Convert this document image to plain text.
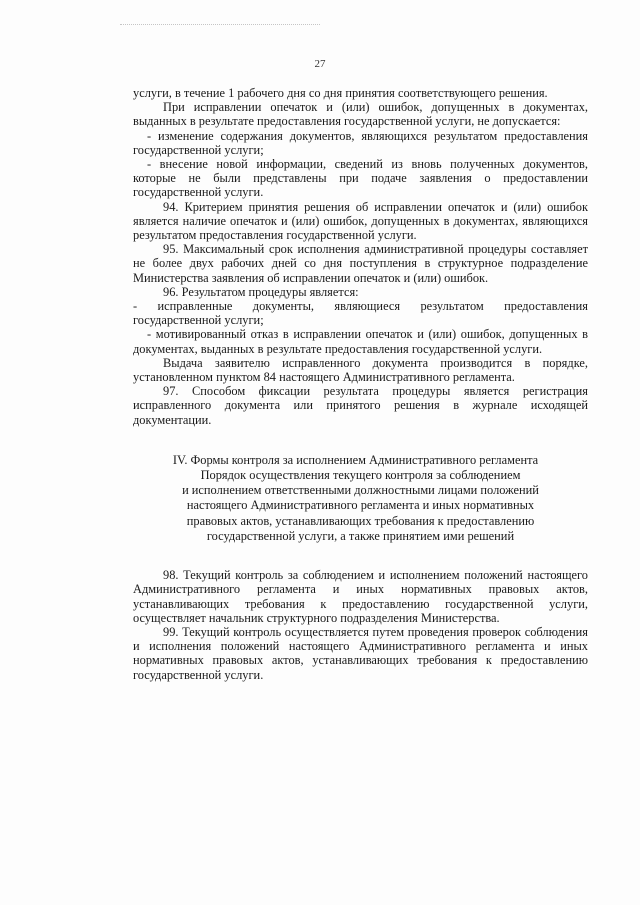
27

услуги, в течение 1 рабочего дня со дня принятия соответствующего решения.

При исправлении опечаток и (или) ошибок, допущенных в документах, выданных в результате предоставления государственной услуги, не допускается:

- изменение содержания документов, являющихся результатом предоставления государственной услуги;

- внесение новой информации, сведений из вновь полученных документов, которые не были представлены при подаче заявления о предоставлении государственной услуги.

94. Критерием принятия решения об исправлении опечаток и (или) ошибок является наличие опечаток и (или) ошибок, допущенных в документах, являющихся результатом предоставления государственной услуги.

95. Максимальный срок исполнения административной процедуры составляет не более двух рабочих дней со дня поступления в структурное подразделение Министерства заявления об исправлении опечаток и (или) ошибок.

96. Результатом процедуры является:

- исправленные документы, являющиеся результатом предоставления государственной услуги;

- мотивированный отказ в исправлении опечаток и (или) ошибок, допущенных в документах, выданных в результате предоставления государственной услуги.

Выдача заявителю исправленного документа производится в порядке, установленном пунктом 84 настоящего Административного регламента.

97. Способом фиксации результата процедуры является регистрация исправленного документа или принятого решения в журнале исходящей документации.

IV. Формы контроля за исполнением Административного регламента
Порядок осуществления текущего контроля за соблюдением
и исполнением ответственными должностными лицами положений
настоящего Административного регламента и иных нормативных
правовых актов, устанавливающих требования к предоставлению
государственной услуги, а также принятием ими решений

98. Текущий контроль за соблюдением и исполнением положений настоящего Административного регламента и иных нормативных правовых актов, устанавливающих требования к предоставлению государственной услуги, осуществляет начальник структурного подразделения Министерства.

99. Текущий контроль осуществляется путем проведения проверок соблюдения и исполнения положений настоящего Административного регламента и иных нормативных правовых актов, устанавливающих требования к предоставлению государственной услуги.
